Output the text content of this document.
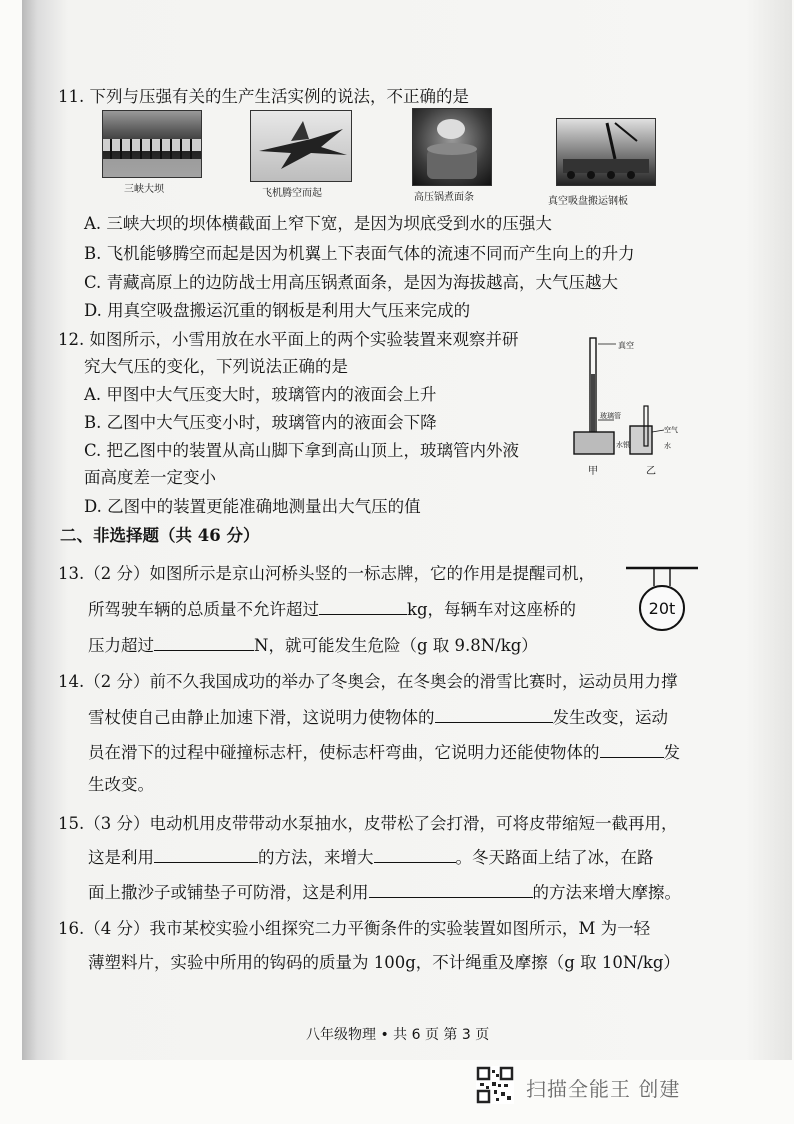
11. 下列与压强有关的生产生活实例的说法，不正确的是
三峡大坝	飞机腾空而起	高压锅煮面条	真空吸盘搬运钢板
A. 三峡大坝的坝体横截面上窄下宽，是因为坝底受到水的压强大
B. 飞机能够腾空而起是因为机翼上下表面气体的流速不同而产生向上的升力
C. 青藏高原上的边防战士用高压锅煮面条，是因为海拔越高，大气压越大
D. 用真空吸盘搬运沉重的钢板是利用大气压来完成的
12. 如图所示，小雪用放在水平面上的两个实验装置来观察并研
究大气压的变化，下列说法正确的是
A. 甲图中大气压变大时，玻璃管内的液面会上升
B. 乙图中大气压变小时，玻璃管内的液面会下降
C. 把乙图中的装置从高山脚下拿到高山顶上，玻璃管内外液
面高度差一定变小
D. 乙图中的装置更能准确地测量出大气压的值
真空
玻璃管
甲
空气
水银	水
乙
二、非选择题（共 46 分）
13.（2 分）如图所示是京山河桥头竖的一标志牌，它的作用是提醒司机，
所驾驶车辆的总质量不允许超过	kg，每辆车对这座桥的
压力超过	N，就可能发生危险（g 取 9.8N/kg）
20t
14.（2 分）前不久我国成功的举办了冬奥会，在冬奥会的滑雪比赛时，运动员用力撑
雪杖使自己由静止加速下滑，这说明力使物体的	发生改变，运动
员在滑下的过程中碰撞标志杆，使标志杆弯曲，它说明力还能使物体的	发
生改变。
15.（3 分）电动机用皮带带动水泵抽水，皮带松了会打滑，可将皮带缩短一截再用，
这是利用	的方法，来增大	。冬天路面上结了冰，在路
面上撒沙子或铺垫子可防滑，这是利用	的方法来增大摩擦。
16.（4 分）我市某校实验小组探究二力平衡条件的实验装置如图所示，M 为一轻
薄塑料片，实验中所用的钩码的质量为 100g，不计绳重及摩擦（g 取 10N/kg）
八年级物理 • 共 6 页 第 3 页
扫描全能王 创建
